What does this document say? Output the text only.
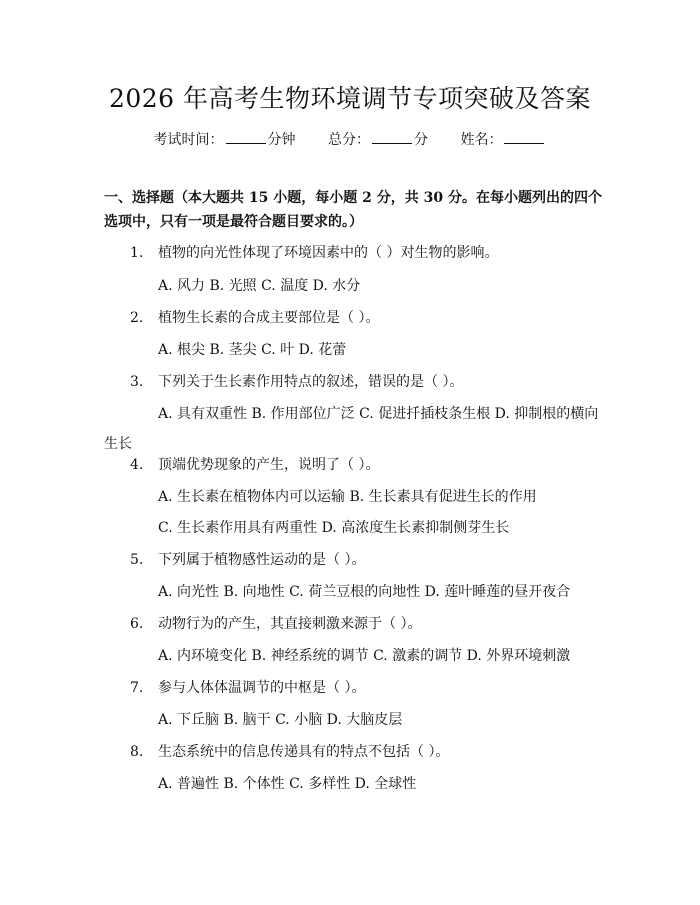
2026 年高考生物环境调节专项突破及答案
考试时间：	分钟 总分：	分 姓名：
一、选择题（本大题共 15 小题，每小题 2 分，共 30 分。在每小题列出的四个选项中，只有一项是最符合题目要求的。）
1. 植物的向光性体现了环境因素中的（ ）对生物的影响。
A. 风力 B. 光照 C. 温度 D. 水分
2. 植物生长素的合成主要部位是（ ）。
A. 根尖 B. 茎尖 C. 叶 D. 花蕾
3. 下列关于生长素作用特点的叙述，错误的是（ ）。
A. 具有双重性 B. 作用部位广泛 C. 促进扦插枝条生根 D. 抑制根的横向生长
4. 顶端优势现象的产生，说明了（ ）。
A. 生长素在植物体内可以运输 B. 生长素具有促进生长的作用
C. 生长素作用具有两重性 D. 高浓度生长素抑制侧芽生长
5. 下列属于植物感性运动的是（ ）。
A. 向光性 B. 向地性 C. 荷兰豆根的向地性 D. 莲叶睡莲的昼开夜合
6. 动物行为的产生，其直接刺激来源于（ ）。
A. 内环境变化 B. 神经系统的调节 C. 激素的调节 D. 外界环境刺激
7. 参与人体体温调节的中枢是（ ）。
A. 下丘脑 B. 脑干 C. 小脑 D. 大脑皮层
8. 生态系统中的信息传递具有的特点不包括（ ）。
A. 普遍性 B. 个体性 C. 多样性 D. 全球性
